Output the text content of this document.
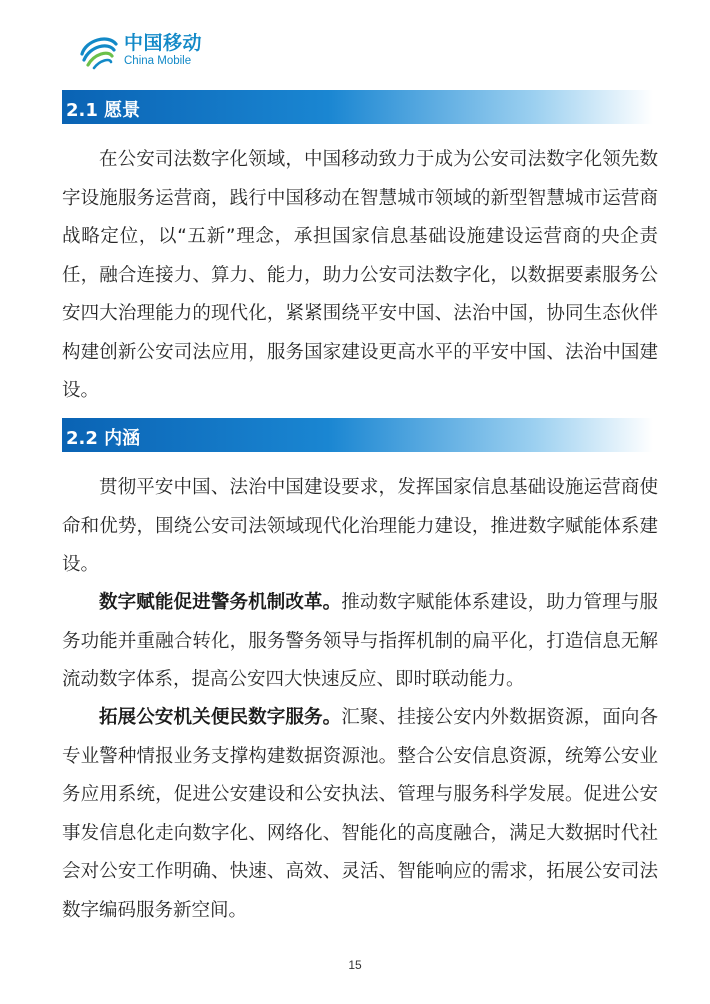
中国移动
China Mobile
2.1 愿景

在公安司法数字化领域，中国移动致力于成为公安司法数字化领先数字设施服务运营商，践行中国移动在智慧城市领域的新型智慧城市运营商战略定位，以“五新”理念，承担国家信息基础设施建设运营商的央企责任，融合连接力、算力、能力，助力公安司法数字化，以数据要素服务公安四大治理能力的现代化，紧紧围绕平安中国、法治中国，协同生态伙伴构建创新公安司法应用，服务国家建设更高水平的平安中国、法治中国建设。

2.2 内涵

贯彻平安中国、法治中国建设要求，发挥国家信息基础设施运营商使命和优势，围绕公安司法领域现代化治理能力建设，推进数字赋能体系建设。

数字赋能促进警务机制改革。推动数字赋能体系建设，助力管理与服务功能并重融合转化，服务警务领导与指挥机制的扁平化，打造信息无解流动数字体系，提高公安四大快速反应、即时联动能力。

拓展公安机关便民数字服务。汇聚、挂接公安内外数据资源，面向各专业警种情报业务支撑构建数据资源池。整合公安信息资源，统筹公安业务应用系统，促进公安建设和公安执法、管理与服务科学发展。促进公安事发信息化走向数字化、网络化、智能化的高度融合，满足大数据时代社会对公安工作明确、快速、高效、灵活、智能响应的需求，拓展公安司法数字编码服务新空间。

15
